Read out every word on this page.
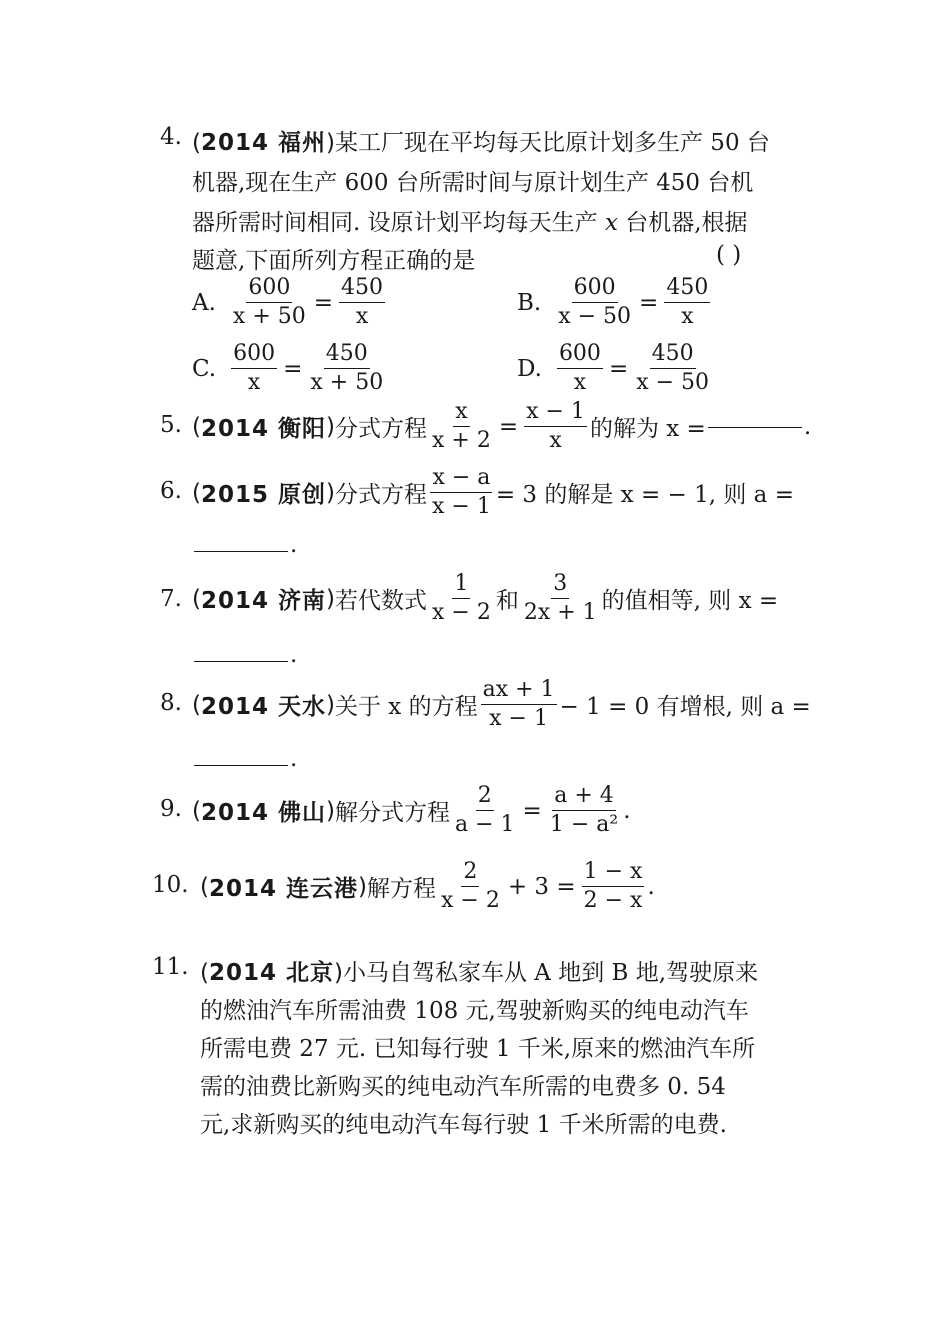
4. (2014 福州)某工厂现在平均每天比原计划多生产 50 台
机器,现在生产 600 台所需时间与原计划生产 450 台机
器所需时间相同. 设原计划平均每天生产 x 台机器,根据
题意,下面所列方程正确的是	( )
A. $\frac{600}{x + 50} = \frac{450}{x}$	B. $\frac{600}{x - 50} = \frac{450}{x}$
C. $\frac{600}{x} = \frac{450}{x + 50}$	D. $\frac{600}{x} = \frac{450}{x - 50}$
5. ( 2014 衡阳 ) 分式方程 $\frac{x}{x + 2} = \frac{x - 1}{x}$ 的解为 x =	.
6. ( 2015 原创 ) 分式方程 $\frac{x - a}{x - 1} = 3$ 的解是 x = − 1, 则 a =
.
7. ( 2014 济南 ) 若代数式 $\frac{1}{x - 2}$ 和 $\frac{3}{2x + 1}$ 的值相等, 则 x =
.
8. ( 2014 天水 ) 关于 x 的方程 $\frac{ax + 1}{x - 1} - 1 = 0$ 有增根, 则 a =
.
9. ( 2014 佛山 ) 解分式方程 $\frac{2}{a - 1} = \frac{a + 4}{\text{1 − a²}}$ .
10. ( 2014 连云港 ) 解方程 $\frac{2}{x - 2} + 3 = \frac{1 - x}{2 - x}$ .
11. (2014 北京)小马自驾私家车从 A 地到 B 地,驾驶原来
的燃油汽车所需油费 108 元,驾驶新购买的纯电动汽车
所需电费 27 元. 已知每行驶 1 千米,原来的燃油汽车所
需的油费比新购买的纯电动汽车所需的电费多 0. 54
元,求新购买的纯电动汽车每行驶 1 千米所需的电费.
